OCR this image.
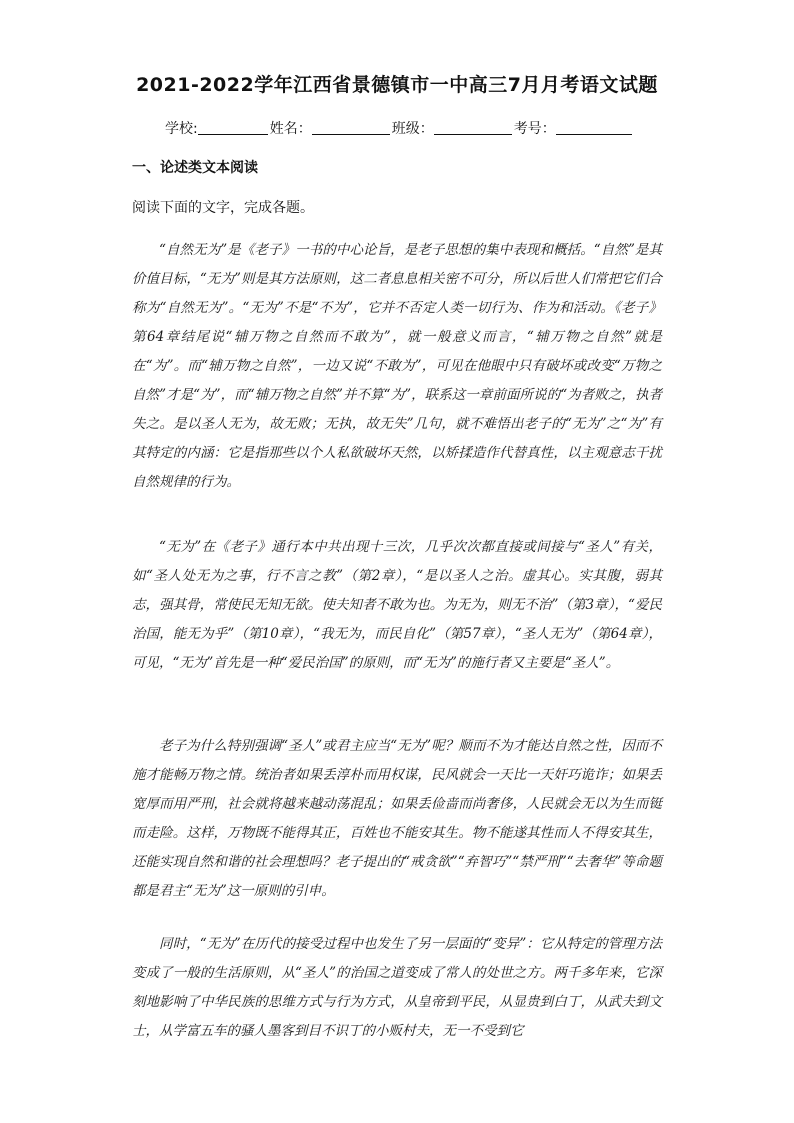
2021-2022学年江西省景德镇市一中高三7月月考语文试题
学校:	姓名：	班级：	考号：
一、论述类文本阅读
阅读下面的文字，完成各题。

“自然无为”是《老子》一书的中心论旨，是老子思想的集中表现和概括。“自然”是其价值目标，“无为”则是其方法原则，这二者息息相关密不可分，所以后世人们常把它们合称为“自然无为”。“无为”不是“不为”，它并不否定人类一切行为、作为和活动。《老子》第64章结尾说“辅万物之自然而不敢为”，就一般意义而言，“辅万物之自然”就是在“为”。而“辅万物之自然”，一边又说“不敢为”，可见在他眼中只有破坏或改变“万物之自然”才是“为”，而“辅万物之自然”并不算“为”，联系这一章前面所说的“为者败之，执者失之。是以圣人无为，故无败；无执，故无失”几句，就不难悟出老子的“无为”之“为”有其特定的内涵：它是指那些以个人私欲破坏天然，以矫揉造作代替真性，以主观意志干扰自然规律的行为。

“无为”在《老子》通行本中共出现十三次，几乎次次都直接或间接与“圣人”有关，如“圣人处无为之事，行不言之教”（第2章），“是以圣人之治。虚其心。实其腹，弱其志，强其骨，常使民无知无欲。使夫知者不敢为也。为无为，则无不治”（第3章），“爱民治国，能无为乎”（第10章），“我无为，而民自化”（第57章），“圣人无为”（第64章），可见，“无为”首先是一种“爱民治国”的原则，而“无为”的施行者又主要是“圣人”。

老子为什么特别强调“圣人”或君主应当“无为”呢？顺而不为才能达自然之性，因而不施才能畅万物之情。统治者如果丢淳朴而用权谋，民风就会一天比一天奸巧诡诈；如果丢宽厚而用严刑，社会就将越来越动荡混乱；如果丢俭啬而尚奢侈，人民就会无以为生而铤而走险。这样，万物既不能得其正，百姓也不能安其生。物不能遂其性而人不得安其生，还能实现自然和谐的社会理想吗？老子提出的“戒贪欲”“弃智巧”“禁严刑”“去奢华”等命题都是君主“无为”这一原则的引申。

同时，“无为”在历代的接受过程中也发生了另一层面的“变异”：它从特定的管理方法变成了一般的生活原则，从“圣人”的治国之道变成了常人的处世之方。两千多年来，它深刻地影响了中华民族的思维方式与行为方式，从皇帝到平民，从显贵到白丁，从武夫到文士，从学富五车的骚人墨客到目不识丁的小贩村夫，无一不受到它
